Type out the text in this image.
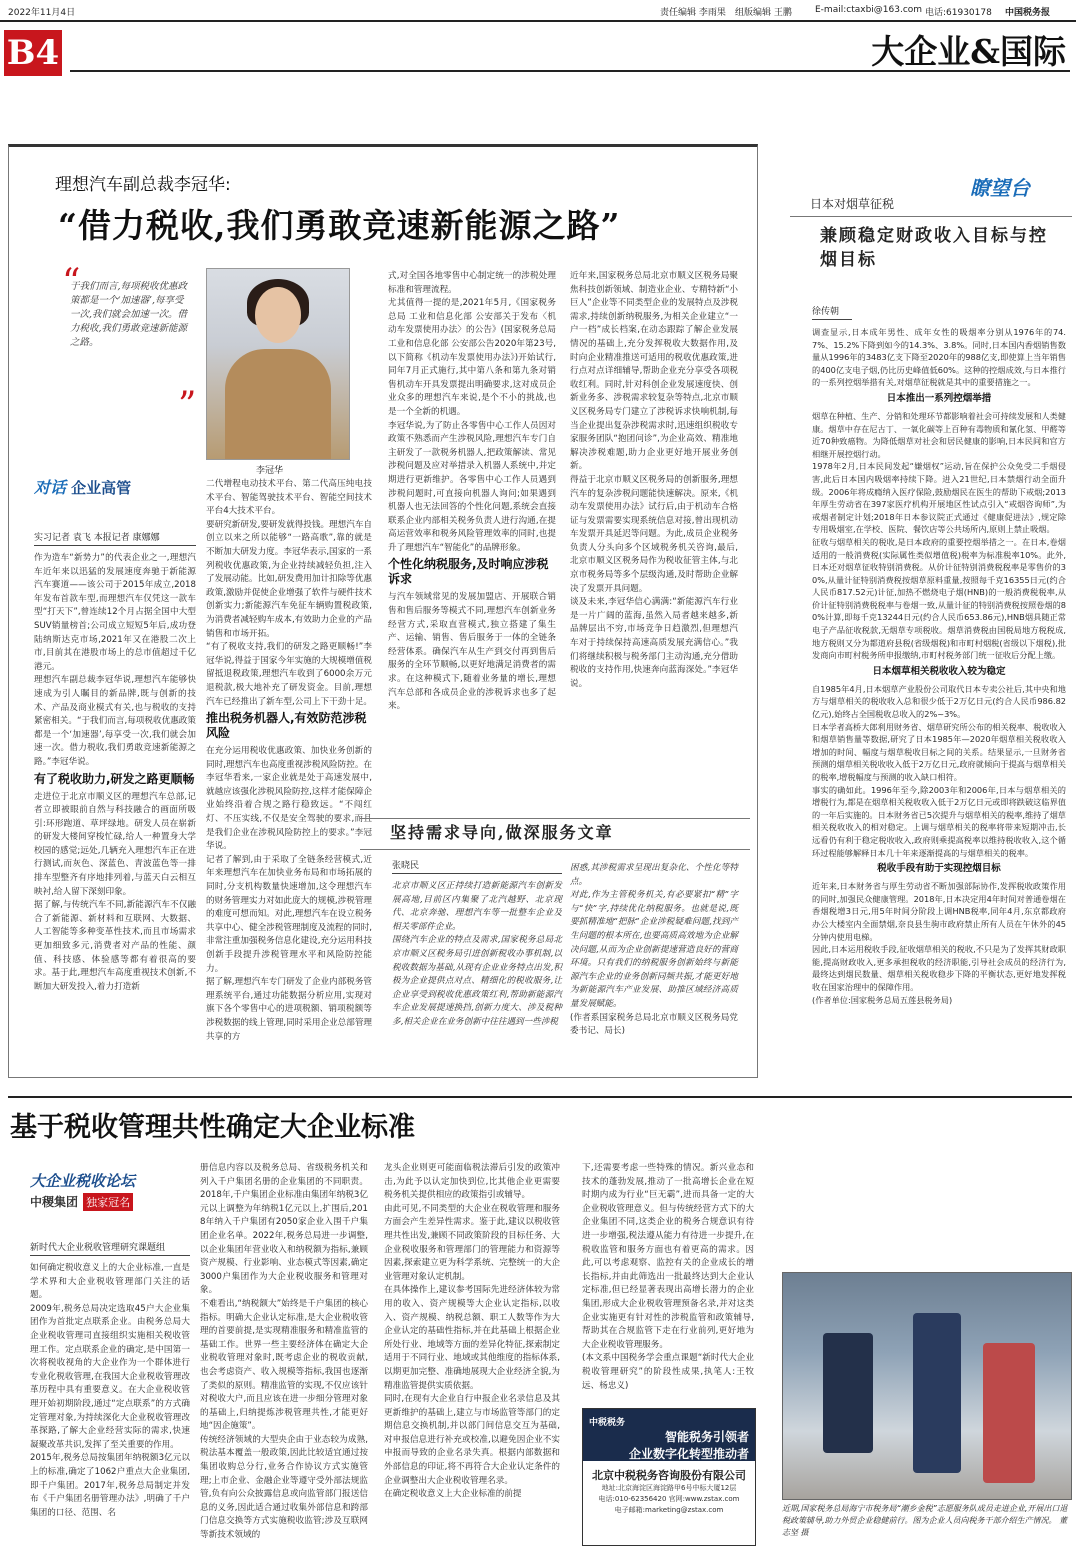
2022年11月4日	责任编辑 李雨果 组版编辑 王鹏	E-mail:ctaxbi@163.com 电话:61930178 中国税务报
B4	大企业&国际
理想汽车副总裁李冠华:
“借力税收,我们勇敢竞速新能源之路”
“
于我们而言,每项税收优惠政策都是一个‘加速器’,每享受一次,我们就会加速一次。借力税收,我们勇敢竞速新能源之路。
”
李冠华
对话 企业高管
实习记者 袁飞 本报记者 康娜娜

作为造车“新势力”的代表企业之一,理想汽车近年来以迅猛的发展速度奔驰于新能源汽车赛道——该公司于2015年成立,2018年发布首款车型,而理想汽车仅凭这一款车型“打天下”,曾连续12个月占据全国中大型SUV销量榜首;公司成立短短5年后,成功登陆纳斯达克市场,2021年又在港股二次上市,目前其在港股市场上的总市值超过千亿港元。
理想汽车副总裁李冠华说,理想汽车能够快速成为引人瞩目的新品牌,既与创新的技术、产品及商业模式有关,也与税收的支持紧密相关。“于我们而言,每项税收优惠政策都是一个‘加速器’,每享受一次,我们就会加速一次。借力税收,我们勇敢竞速新能源之路。”李冠华说。

有了税收助力,研发之路更顺畅

走进位于北京市顺义区的理想汽车总部,记者立即被眼前自然与科技融合的画面所吸引:环形跑道、草坪绿地。研发人员在崭新的研发大楼间穿梭忙碌,给人一种置身大学校园的感觉;远处,几辆充入理想汽车正在进行测试,而灰色、深蓝色、青波蓝色等一排排车型整齐有序地排列着,与蓝天白云相互映衬,给人留下深刻印象。
据了解,与传统汽车不同,新能源汽车不仅融合了新能源、新材料和互联网、大数据、人工智能等多种变革性技术,而且市场需求更加细致多元,消费者对产品的性能、颜值、科技感、体验感等都有着很高的要求。基于此,理想汽车高度重视技术创新,不断加大研发投入,着力打造新

二代增程电动技术平台、第二代高压纯电技术平台、智能驾驶技术平台、智能空间技术平台4大技术平台。
要研究新研发,要研发就得投钱。理想汽车自创立以来之所以能够“一路高歌”,靠的就是不断加大研发力度。李冠华表示,国家的一系列税收优惠政策,为企业持续减轻负担,注入了发展动能。比如,研发费用加计扣除等优惠政策,激励并促使企业增强了软件与硬件技术创新实力;新能源汽车免征车辆购置税政策,为消费者减轻购车成本,有效助力企业的产品销售和市场开拓。
“有了税收支持,我们的研发之路更顺畅!”李冠华说,得益于国家今年实施的大规模增值税留抵退税政策,理想汽车收到了6000余万元退税款,极大地补充了研发资金。目前,理想汽车已经推出了新车型,公司上下干劲十足。

推出税务机器人,有效防范涉税风险

在充分运用税收优惠政策、加快业务创新的同时,理想汽车也高度重视涉税风险防控。在李冠华看来,一家企业就是处于高速发展中,就越应该强化涉税风险防控,这样才能保障企业始终沿着合规之路行稳致远。“不闯红灯、不压实线,不仅是安全驾驶的要求,而且是我们企业在涉税风险防控上的要求。”李冠华说。
记者了解到,由于采取了全链条经营模式,近年来理想汽车在加快业务布局和市场拓展的同时,分支机构数量快速增加,这令理想汽车的财务管理实力对如此庞大的规模,涉税管理的难度可想而知。对此,理想汽车在设立税务共享中心、健全涉税管理制度及流程的同时,非常注重加强税务信息化建设,充分运用科技创新手段提升涉税管理水平和风险防控能力。
据了解,理想汽车专门研发了企业内部税务管理系统平台,通过功能数据分析应用,实现对旗下各个零售中心的进项税额、销项税额等涉税数据的线上管理,同时采用企业总部管理共享的方

式,对全国各地零售中心制定统一的涉税处理标准和管理流程。
尤其值得一提的是,2021年5月,《国家税务总局 工业和信息化部 公安部关于发布〈机动车发票使用办法〉的公告》(国家税务总局 工业和信息化部 公安部公告2020年第23号,以下简称《机动车发票使用办法》)开始试行,同年7月正式施行,其中第八条和第九条对销售机动车开具发票提出明确要求,这对成员企业众多的理想汽车来说,是个不小的挑战,也是一个全新的机遇。
李冠华说,为了防止各零售中心工作人员因对政策不熟悉而产生涉税风险,理想汽车专门自主研发了一款税务机器人,把政策解读、常见涉税问题及应对举措录入机器人系统中,并定期进行更新维护。各零售中心工作人员遇到涉税问题时,可直接向机器人询问;如果遇到机器人也无法回答的个性化问题,系统会直接联系企业内部相关税务负责人进行沟通,在提高运营效率和税务风险管理效率的同时,也提升了理想汽车“智能化”的品牌形象。

个性化纳税服务,及时响应涉税诉求

与汽车领域常见的发展加盟店、开展联合销售和售后服务等模式不同,理想汽车创新业务经营方式,采取直营模式,独立搭建了集生产、运输、销售、售后服务于一体的全链条经营体系。确保汽车从生产到交付再到售后服务的全环节顺畅,以更好地满足消费者的需求。在这种模式下,随着业务量的增长,理想汽车总部和各成员企业的涉税诉求也多了起来。

近年来,国家税务总局北京市顺义区税务局聚焦科技创新领域、制造业企业、专精特新“小巨人”企业等不同类型企业的发展特点及涉税需求,持续创新纳税服务,为相关企业建立“一户一档”成长档案,在动态跟踪了解企业发展情况的基础上,充分发挥税收大数据作用,及时向企业精准推送可适用的税收优惠政策,进行点对点详细辅导,帮助企业充分享受各项税收红利。同时,针对科创企业发展速度快、创新业务多、涉税需求较复杂等特点,北京市顺义区税务局专门建立了涉税诉求快响机制,每当企业提出复杂涉税需求时,迅速组织税收专家服务团队“抱团问诊”,为企业高效、精准地解决涉税难题,助力企业更好地开展业务创新。
得益于北京市顺义区税务局的创新服务,理想汽车的复杂涉税问题能快速解决。原来,《机动车发票使用办法》试行后,由于机动车合格证与发票需要实现系统信息对接,曾出现机动车发票开具延迟等问题。为此,成员企业税务负责人分头向多个区域税务机关咨询,最后,北京市顺义区税务局作为税收征管主体,与北京市税务局等多个层级沟通,及时帮助企业解决了发票开具问题。

谈及未来,李冠华信心满满:“新能源汽车行业是一片广阔的蓝海,虽然入局者越来越多,新品牌层出不穷,市场竞争日趋激烈,但理想汽车对于持续保持高速高质发展充满信心。”我们将继续积极与税务部门主动沟通,充分借助税收的支持作用,快速奔向蓝海深处。”李冠华说。

坚持需求导向,做深服务文章
张晓民

北京市顺义区正持续打造新能源汽车创新发展高地,目前区内集聚了北汽越野、北京现代、北京奔驰、理想汽车等一批整车企业及相关零部件企业。
围绕汽车企业的特点及需求,国家税务总局北京市顺义区税务局引进创新税收办事机制,以税收数据为基础,从现有企业业务特点出发,积极为企业提供点对点、精细化的税收服务,让企业享受到税收优惠政策红利,帮助新能源汽车企业发展提速换挡,创新力度大、涉及税种多,相关企业在业务创新中往往遇到一些涉税

困惑,其涉税需求呈现出复杂化、个性化等特点。
对此,作为主管税务机关,有必要紧扣“精”字与“快”字,持续优化纳税服务。也就是说,既要抓精准地“把脉”企业涉税疑难问题,找到产生问题的根本所在,也要高质高效地为企业解决问题,从而为企业创新提速营造良好的营商环境。只有我们的纳税服务创新始终与新能源汽车企业的业务创新同频共振,才能更好地为新能源汽车产业发展、助推区域经济高质量发展赋能。

(作者系国家税务总局北京市顺义区税务局党委书记、局长)

日本对烟草征税
瞭望台
兼顾稳定财政收入目标与控烟目标
徐传朝

调查显示,日本成年男性、成年女性的吸烟率分别从1976年的74.7%、15.2%下降到如今的14.3%、3.8%。同时,日本国内香烟销售数量从1996年的3483亿支下降至2020年的988亿支,即使算上当年销售的400亿支电子烟,仍比历史峰值低60%。这种的控烟成效,与日本推行的一系列控烟举措有关,对烟草征税就是其中的重要措施之一。

日本推出一系列控烟举措

烟草在种植、生产、分销和处理环节都影响着社会可持续发展和人类健康。烟草中存在尼古丁、一氧化碳等上百种有毒物质和氰化氢、甲醛等近70种致癌物。为降低烟草对社会和居民健康的影响,日本民间和官方相继开展控烟行动。
1978年2月,日本民间发起“嫌烟权”运动,旨在保护公众免受二手烟侵害,此后日本国内吸烟率持续下降。进入21世纪,日本禁烟行动全面升级。2006年将成瘾纳入医疗保险,鼓励烟民在医生的帮助下戒烟;2013年厚生劳动省在397家医疗机构开展地区性试点引入“戒烟咨询师”,为戒烟者制定计划;2018年日本参议院正式通过《健康促进法》,规定除专用吸烟室,在学校、医院、餐饮店等公共场所内,原则上禁止吸烟。
征收与烟草相关的税收,是日本政府的重要控烟举措之一。在日本,卷烟适用的一般消费税(实际属性类似增值税)税率为标准税率10%。此外,日本还对烟草征收特别消费税。从价计征特别消费税税率是零售价的30%,从量计征特别消费税按烟草原料重量,按照每千克16355日元(约合人民币817.52元)计征,加热不燃烧电子烟(HNB)的一般消费税税率,从价计征特别消费税税率与卷烟一致,从量计征的特别消费税按照卷烟的80%计算,即每千克13244日元(约合人民币653.86元),HNB烟具随正常电子产品征收税款,无烟草专项税收。烟草消费税由国税局地方税税成,地方税则又分为都道府县税(省级烟税)和市町村烟税(省级以下烟税),批发商向市町村税务所申报缴纳,市町村税务部门统一征收后分配上缴。

日本烟草相关税收收入较为稳定

自1985年4月,日本烟草产业股份公司取代日本专卖公社后,其中央和地方与烟草相关的税收收入总和很少低于2万亿日元(约合人民币986.82亿元),始终占全国税收总收入的2%~3%。
日本学者高桥大郎利用财务省、烟草研究所公布的相关税率、税收收入和烟草销售量等数据,研究了日本1985年—2020年烟草相关税收收入增加的时间、幅度与烟草税收目标之间的关系。结果显示,一旦财务省预测的烟草相关税收收入低于2万亿日元,政府就倾向于提高与烟草相关的税率,增税幅度与预测的收入缺口相符。
事实的确如此。1996年至今,除2003年和2006年,日本与烟草相关的增税行为,都是在烟草相关税收收入低于2万亿日元或即将跌破这临界值的一年后实施的。日本财务省已5次提升与烟草相关的税率,维持了烟草相关税收收入的相对稳定。上调与烟草相关的税率将带来短期冲击,长远看仍有利于稳定税收收入,政府则乘提高税率以维持税收收入,这个循环过程能够解释日本几十年来逐渐提高的与烟草相关的税率。

税收手段有助于实现控烟目标

近年来,日本财务省与厚生劳动省不断加强部际协作,发挥税收政策作用的同时,加强民众健康管理。2018年,日本决定用4年时间对普通卷烟在香烟税增3日元,用5年时间分阶段上调HNB税率,同年4月,东京都政府办公大楼室内全面禁烟,奈良县生驹市政府禁止所有人员在午休外的45分钟内使用电梯。
因此,日本运用税收手段,征收烟草相关的税收,不只是为了发挥其财政职能,提高财政收入,更多承担税收的经济职能,引导社会成员的经济行为,最终达到烟民数量、烟草相关税收稳步下降的平衡状态,更好地发挥税收在国家治理中的保障作用。

(作者单位:国家税务总局五莲县税务局)

基于税收管理共性确定大企业标准
大企业税收论坛
中稷集团 独家冠名
新时代大企业税收管理研究课题组

如何确定税收意义上的大企业标准,一直是学术界和大企业税收管理部门关注的话题。
2009年,税务总局决定选取45户大企业集团作为首批定点联系企业。由税务总局大企业税收管理司直接组织实施相关税收管理工作。定点联系企业的确定,是中国第一次将税收视角的大企业作为一个群体进行专业化税收管理,在我国大企业税收管理改革历程中具有重要意义。在大企业税收管理开始初期阶段,通过“定点联系”的方式确定管理对象,为持续深化大企业税收管理改革探路,了解大企业经营实际的需求,快速凝聚改革共识,发挥了至关重要的作用。
2015年,税务总局按集团年纳税额3亿元以上的标准,确定了1062户重点大企业集团,即千户集团。2017年,税务总局制定并发布《千户集团名册管理办法》,明确了千户集团的口径、范围、名

册信息内容以及税务总局、省级税务机关和列入千户集团名册的企业集团的不同职责。2018年,千户集团企业标准由集团年纳税3亿元以上调整为年纳税1亿元以上,扩围后,2018年纳入千户集团有2050家企业入围千户集团企业名单。2022年,税务总局进一步调整,以企业集团年营业收入和纳税额为指标,兼顾资产规模、行业影响、业态模式等因素,确定3000户集团作为大企业税收服务和管理对象。
不难看出,“纳税额大”始终是千户集团的核心指标。明确大企业认定标准,是大企业税收管理的首要前提,是实现精准服务和精准监管的基础工作。世界一些主要经济体在确定大企业税收管理对象时,既考虑企业的税收贡献,也会考虑资产、收入规模等指标,我国也逐渐了类似的原则。精准监管的实现,不仅应该针对税收大户,而且应该在进一步细分管理对象的基础上,归纳提炼涉税管理共性,才能更好地“因企施策”。
传统经济领域的大型央企由于业态较为成熟,税法基本覆盖一般政策,因此比较适宜通过按集团收购总分行,业务合作协议方式实施管理;上市企业、金融企业等遵守受外部法规监管,负有向公众披露信息或向监管部门报送信息的义务,因此适合通过收集外部信息和跨部门信息交换等方式实施税收监管;涉及互联网等新技术领域的

龙头企业则更可能面临税法滞后引发的政策冲击,为此予以认定加快到位,比其他企业更需要税务机关提供相应的政策指引或辅导。
由此可见,不同类型的大企业在税收管理和服务方面会产生差异性需求。鉴于此,建议以税收管理共性出发,兼顾不同政策阶段的目标任务、大企业税收服务和管理部门的管理能力和资源等因素,探索建立更为科学系统、完整统一的大企业管理对象认定机制。
在具体操作上,建议参考国际先进经济体较为常用的收入、资产规模等大企业认定指标,以收入、资产规模、纳税总额、职工人数等作为大企业认定的基础性指标,并在此基础上根据企业所处行业、地域等方面的差异化特征,探索制定适用于不同行业、地域或其他维度的指标体系,以期更加完整、准确地展现大企业经济全貌,为精准监管提供实质依据。
同时,在现有大企业自行申报企业名录信息及其更新维护的基础上,建立与市场监管等部门的定期信息交换机制,并以部门间信息交互为基础,对申报信息进行补充或校准,以避免因企业不实申报而导致的企业名录失真。根据内部数据和外部信息的印证,将不再符合大企业认定条件的企业调整出大企业税收管理名录。
在确定税收意义上大企业标准的前提

下,还需要考虑一些特殊的情况。新兴业态和技术的蓬勃发展,推动了一批高增长企业在短时期内成为行业“巨无霸”,进而具备一定的大企业税收管理意义。但与传统经营方式下的大企业集团不同,这类企业的税务合规意识有待进一步增强,税法遵从能力有待进一步提升,在税收监管和服务方面也有着更高的需求。因此,可以考虑观察、监控有关的企业成长的增长指标,并由此筛选出一批最终达到大企业认定标准,但已经显著表现出高增长潜力的企业集团,形成大企业税收管理预备名录,并对这类企业实施更有针对性的涉税监管和政策辅导,帮助其在合规监管下走在行业前列,更好地为大企业税收管理服务。
(本文系中国税务学会重点课题“新时代大企业税收管理研究”的阶段性成果,执笔人:王牧远、杨忠义)

中税税务
智能税务引领者
企业数字化转型推动者
北京中税税务咨询股份有限公司
地址:北京海淀区海淀路甲6号中标大厦12层
电话:010-62356420 官网:www.zstax.com
电子邮箱:marketing@zstax.com	近期,国家税务总局海宁市税务局“潮乡金税”志愿服务队成员走进企业,开展出口退税政策辅导,助力外贸企业稳健前行。图为企业人员向税务干部介绍生产情况。 董志坚 摄
